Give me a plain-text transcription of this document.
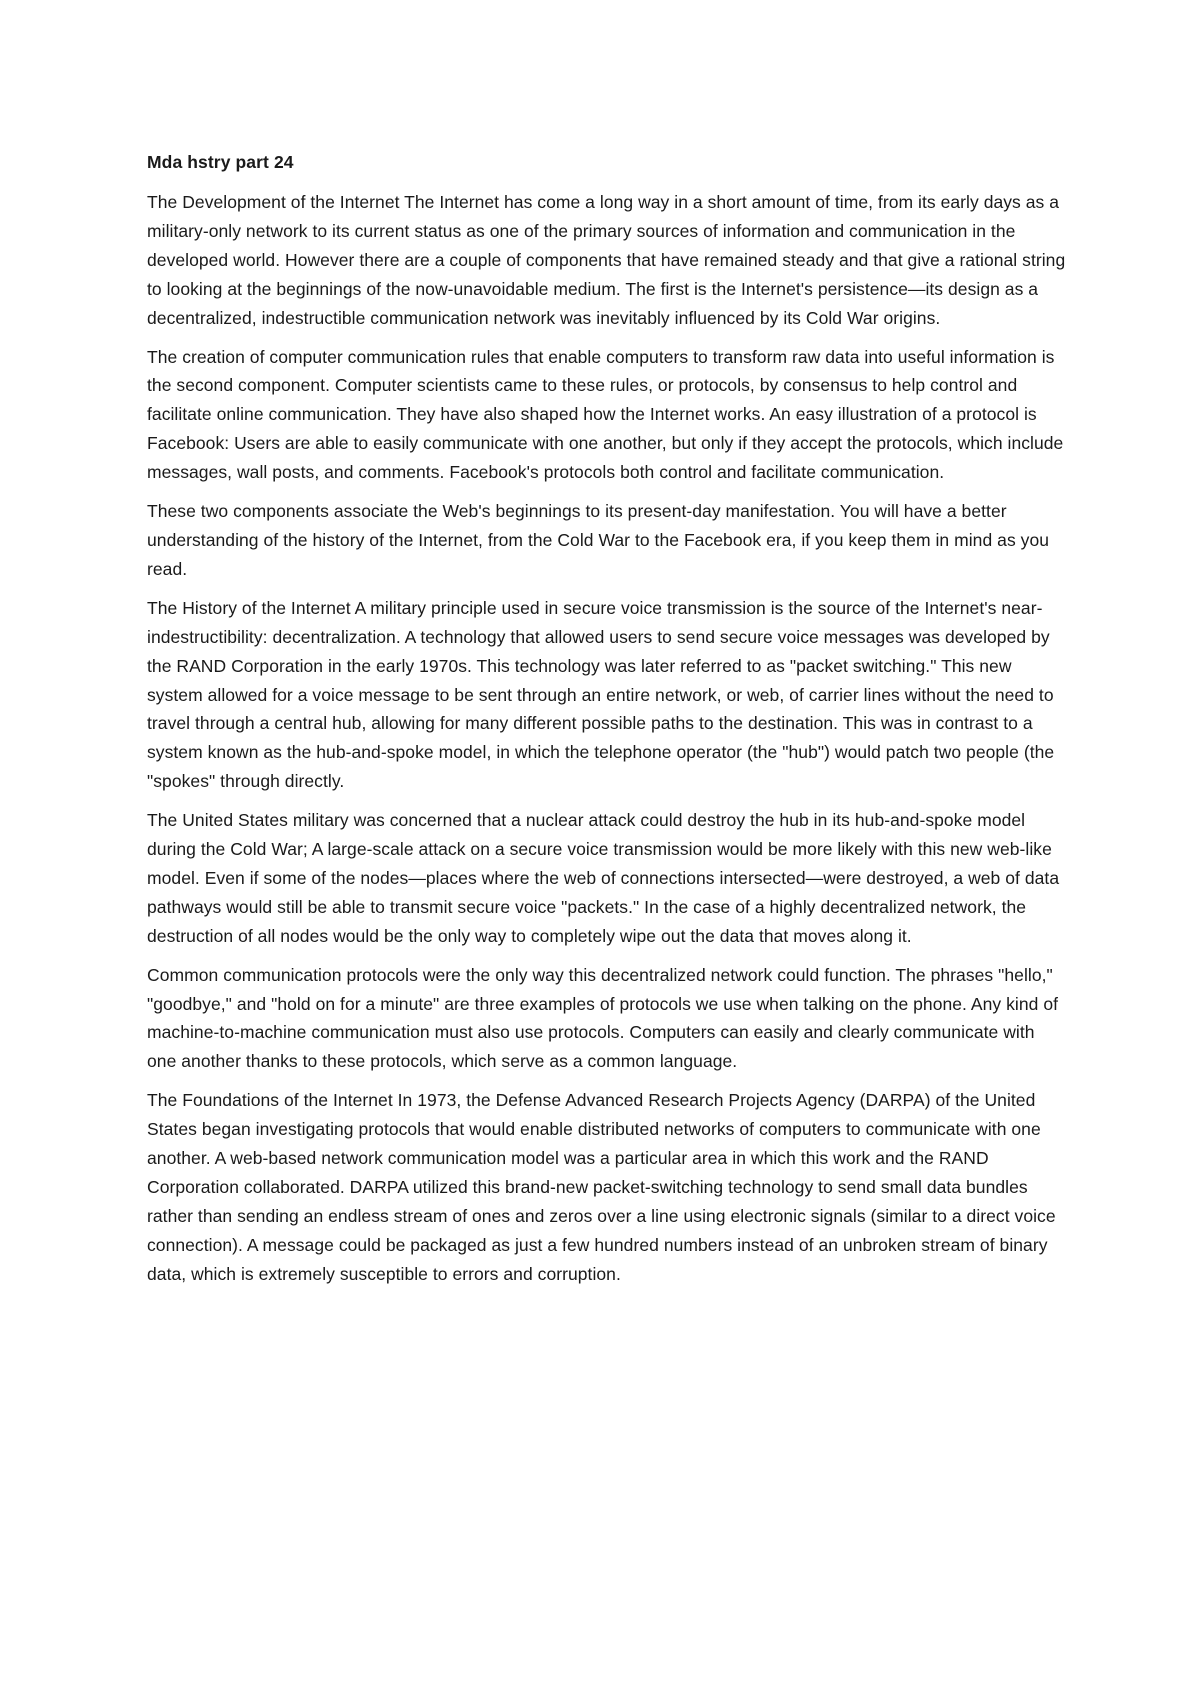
Mda hstry part 24

The Development of the Internet The Internet has come a long way in a short amount of time, from its early days as a military-only network to its current status as one of the primary sources of information and communication in the developed world. However there are a couple of components that have remained steady and that give a rational string to looking at the beginnings of the now-unavoidable medium. The first is the Internet's persistence—its design as a decentralized, indestructible communication network was inevitably influenced by its Cold War origins.

The creation of computer communication rules that enable computers to transform raw data into useful information is the second component. Computer scientists came to these rules, or protocols, by consensus to help control and facilitate online communication. They have also shaped how the Internet works. An easy illustration of a protocol is Facebook: Users are able to easily communicate with one another, but only if they accept the protocols, which include messages, wall posts, and comments. Facebook's protocols both control and facilitate communication.

These two components associate the Web's beginnings to its present-day manifestation. You will have a better understanding of the history of the Internet, from the Cold War to the Facebook era, if you keep them in mind as you read.

The History of the Internet A military principle used in secure voice transmission is the source of the Internet's near-indestructibility: decentralization. A technology that allowed users to send secure voice messages was developed by the RAND Corporation in the early 1970s. This technology was later referred to as "packet switching." This new system allowed for a voice message to be sent through an entire network, or web, of carrier lines without the need to travel through a central hub, allowing for many different possible paths to the destination. This was in contrast to a system known as the hub-and-spoke model, in which the telephone operator (the "hub") would patch two people (the "spokes" through directly.

The United States military was concerned that a nuclear attack could destroy the hub in its hub-and-spoke model during the Cold War; A large-scale attack on a secure voice transmission would be more likely with this new web-like model. Even if some of the nodes—places where the web of connections intersected—were destroyed, a web of data pathways would still be able to transmit secure voice "packets." In the case of a highly decentralized network, the destruction of all nodes would be the only way to completely wipe out the data that moves along it.

Common communication protocols were the only way this decentralized network could function. The phrases "hello," "goodbye," and "hold on for a minute" are three examples of protocols we use when talking on the phone. Any kind of machine-to-machine communication must also use protocols. Computers can easily and clearly communicate with one another thanks to these protocols, which serve as a common language.

The Foundations of the Internet In 1973, the Defense Advanced Research Projects Agency (DARPA) of the United States began investigating protocols that would enable distributed networks of computers to communicate with one another. A web-based network communication model was a particular area in which this work and the RAND Corporation collaborated. DARPA utilized this brand-new packet-switching technology to send small data bundles rather than sending an endless stream of ones and zeros over a line using electronic signals (similar to a direct voice connection). A message could be packaged as just a few hundred numbers instead of an unbroken stream of binary data, which is extremely susceptible to errors and corruption.
